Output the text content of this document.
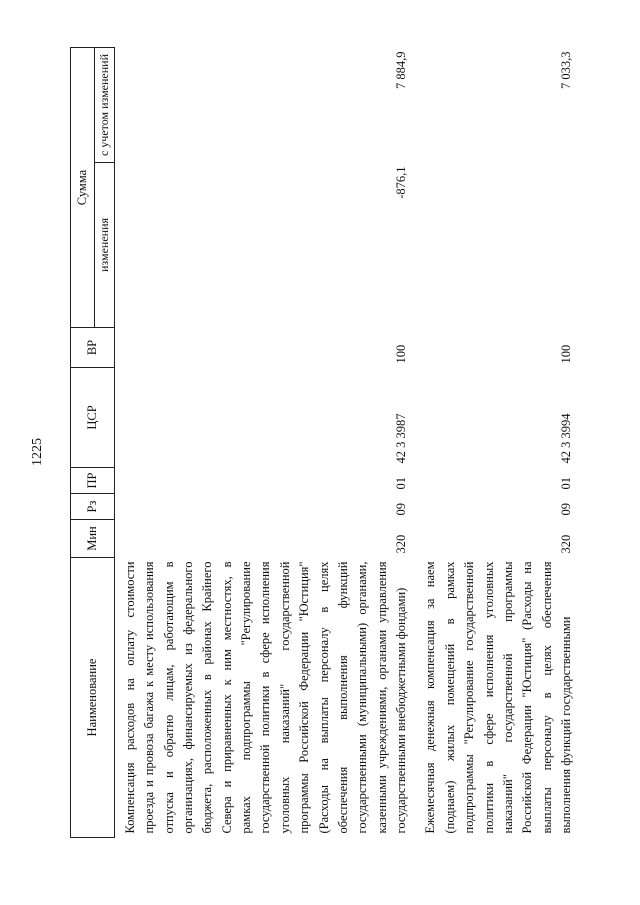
1225
Наименование	Мин	Рз	ПР	ЦСР	ВР	Сумма	
						изменения	с учетом изменений
Компенсация расходов на оплату стоимости проезда и провоза багажа к месту использования отпуска и обратно лицам, работающим в организациях, финансируемых из федерального бюджета, расположенных в районах Крайнего Севера и приравненных к ним местностях, в рамках подпрограммы "Регулирование государственной политики в сфере исполнения уголовных наказаний" государственной программы Российской Федерации "Юстиция" (Расходы на выплаты персоналу в целях обеспечения выполнения функций государственными (муниципальными) органами, казенными учреждениями, органами управления государственными внебюджетными фондами)	320	09	01	42 3 3987	100	-876,1	7 884,9
Ежемесячная денежная компенсация за наем (поднаем) жилых помещений в рамках подпрограммы "Регулирование государственной политики в сфере исполнения уголовных наказаний" государственной программы Российской Федерации "Юстиция" (Расходы на выплаты персоналу в целях обеспечения выполнения функций государственными	320	09	01	42 3 3994	100		7 033,3
